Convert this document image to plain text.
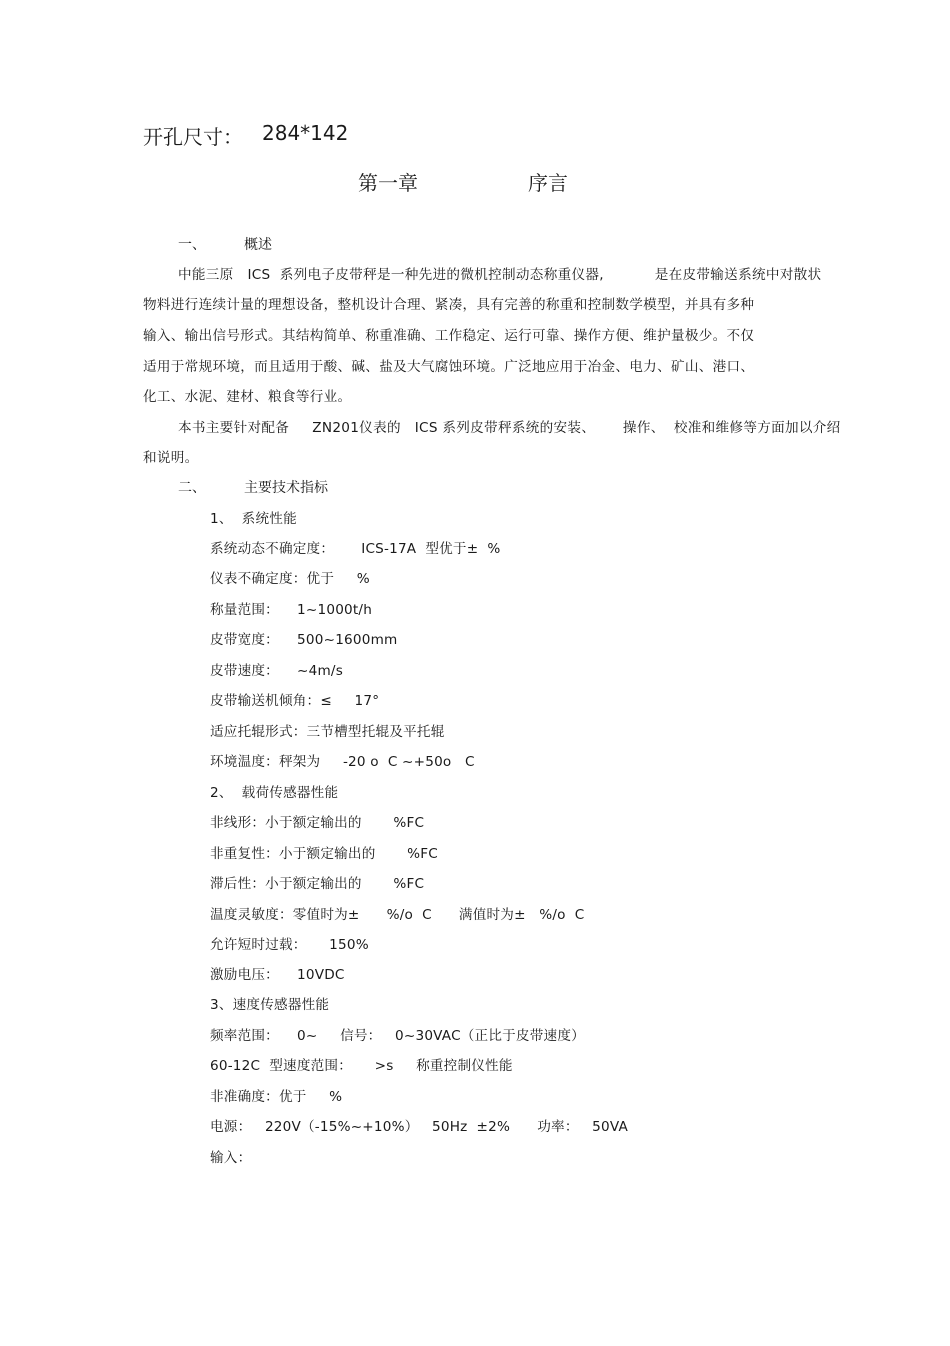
开孔尺寸： 284*142
第一章	序言
一、	概述
中能三原   ICS  系列电子皮带秤是一种先进的微机控制动态称重仪器,           是在皮带输送系统中对散状
物料进行连续计量的理想设备，整机设计合理、紧凑，具有完善的称重和控制数学模型，并具有多种
输入、输出信号形式。其结构简单、称重准确、工作稳定、运行可靠、操作方便、维护量极少。不仅
适用于常规环境，而且适用于酸、碱、盐及大气腐蚀环境。广泛地应用于冶金、电力、矿山、港口、
化工、水泥、建材、粮食等行业。
本书主要针对配备     ZN201仪表的   ICS 系列皮带秤系统的安装、      操作、  校准和维修等方面加以介绍
和说明。
二、	主要技术指标
1、  系统性能
系统动态不确定度：      ICS-17A  型优于±  %
仪表不确定度：优于     %
称量范围：    1~1000t/h
皮带宽度：    500~1600mm
皮带速度：    ~4m/s
皮带输送机倾角：≤     17°
适应托辊形式：三节槽型托辊及平托辊
环境温度：秤架为     -20 o  C ~+50o   C
2、  载荷传感器性能
非线形：小于额定输出的       %FC
非重复性：小于额定输出的       %FC
滞后性：小于额定输出的       %FC
温度灵敏度：零值时为±      %/o  C      满值时为±   %/o  C
允许短时过载：     150%
激励电压：    10VDC
3、速度传感器性能
频率范围：    0~     信号：   0~30VAC（正比于皮带速度）
60-12C  型速度范围：     >s     称重控制仪性能
非准确度：优于     %
电源：   220V（-15%~+10%）   50Hz  ±2%      功率：   50VA
输入：
